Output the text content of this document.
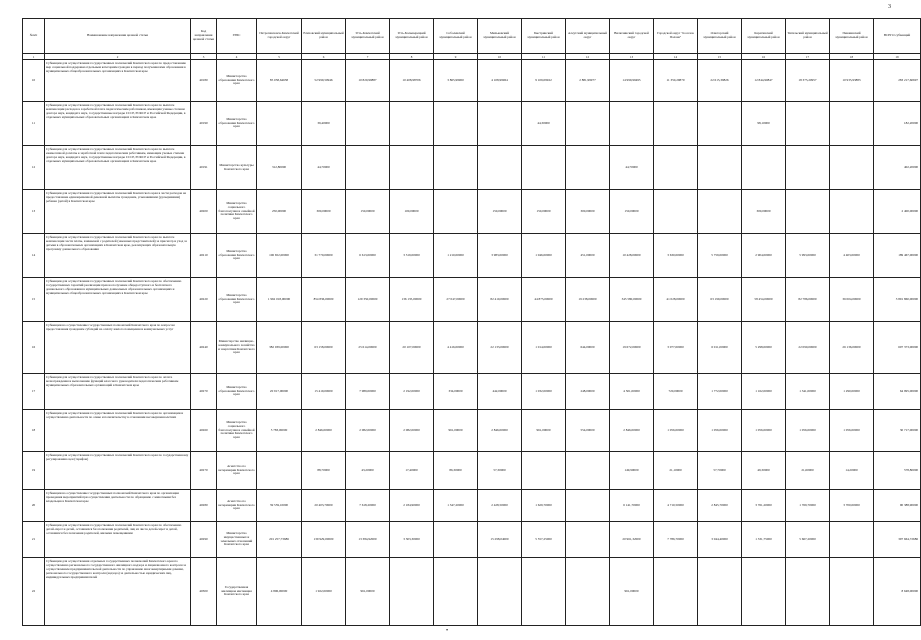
3
№п/п	Наименование направления целевой статьи	Код направления целевой статьи	ГРБС	Петропавловск-Камчатский городской округ	Елизовский муниципальный район	Усть-Камчатский муниципальный район	Усть-Большерецкий муниципальный район	Соболевский муниципальный район	Мильковский муниципальный район	Быстринский муниципальный район	Алеутский муниципальный округ	Вилючинский городской округ	Городской округ "поселок Палана"	Олюторский муниципальный район	Карагинский муниципальный район	Тигильский муниципальный район	Пенжинский муниципальный район	ВСЕГО субвенций
1	2	3	4	5	6	7	8	9	10	11	12	13	14	15	16	17	18	19
10	Субвенции для осуществления государственных полномочий Камчатского края по предоставлению мер социальной поддержки отдельным категориям граждан в период получения ими образования в муниципальных общеобразовательных организациях в Камчатском крае	40180	Министерство образования Камчатского края	85 058,64638	52 999,50946	10 820,99887	10 408,98706	3 865,99900	4 108,99964	9 109,09922	2 881,99977	14 999,99495	11 350,29870	22 615,39826	12 844,90847	18 375,20957	10 935,93883	283 217,60697
11	Субвенции для осуществления государственных полномочий Камчатского края по выплате компенсации расходов к заработной плате педагогическим работникам, имеющим ученые степени доктора наук, кандидата наук, государственные награды СССР, РСФСР и Российской Федерации, в отдельных муниципальных образовательных организациях в Камчатском крае	40190	Министерство образования Камчатского края		39,40000					44,30000					98,10000			182,20000
12	Субвенции для осуществления государственных полномочий Камчатского края по выплате ежемесячной доплаты к заработной плате педагогическим работникам, имеющим ученые степени доктора наук, кандидата наук, государственные награды СССР, РСФСР и Российской Федерации, в отдельных муниципальных образовательных организациях в Камчатском крае	40191	Министерство культуры Камчатского края	312,80000	44,70000							44,70000						402,20000
13	Субвенции для осуществления государственных полномочий Камчатского края в части расходов на предоставление единовременной денежной выплаты гражданам, усыновившим (удочерившим) ребенка (детей) в Камчатском крае	40200	Министерство социального благополучия и семейной политики Камчатского края	250,00000	300,00000	150,00000	100,00000		150,00000	150,00000	300,00000	150,00000			300,00000			2 400,00000
14	Субвенции для осуществления государственных полномочий Камчатского края по выплате компенсации части платы, взимаемой с родителей (законных представителей) за присмотр и уход за детьми в образовательных организациях в Камчатском крае, реализующих образовательную программу дошкольного образования	40210	Министерство образования Камчатского края	106 652,00000	31 770,00000	6 613,00000	3 319,00000	1 210,00000	3 983,00000	1 046,00000	451,00000	10 428,00000	3 630,00000	5 759,00000	2 904,00000	5 993,00000	4 403,00000	189 467,00000
15	Субвенции для осуществления государственных полномочий Камчатского края по обеспечению государственных гарантий реализации прав на получение общедоступного и бесплатного дошкольного образования в муниципальных дошкольных образовательных организациях и муниципальных общеобразовательных организациях в Камчатском крае	40220	Министерство образования Камчатского края	1 962 018,00000	854 836,00000	129 350,00000	136 135,00000	27 047,00000	82 410,00000	44 875,00000	19 238,00000	345 580,00000	41 028,00000	63 199,00000	58 454,00000	82 786,00000	36 004,00000	3 891 860,00000
16	Субвенции на осуществление государственных полномочий Камчатского края по вопросам предоставления гражданам субсидий на оплату жилого помещения и коммунальных услуг	40240	Министерство жилищно-коммунального хозяйства и энергетики Камчатского края	382 039,00000	63 158,00000	25 614,00000	20 107,00000	4 416,00000	22 133,00000	1 014,00000	644,00000	19 672,00000	3 077,00000	6 011,00000	5 298,00000	22 090,00000	26 136,00000	607 373,00000
17	Субвенции для осуществления государственных полномочий Камчатского края по оплате вознаграждения и выполнению функций классного руководителя педагогическим работникам муниципальных образовательных организаций в Камчатском крае	40270	Министерство образования Камчатского края	20 917,00000	15 419,00000	7 989,00000	2 192,00000	334,00000	442,00000	1 032,00000	248,00000	4 501,00000	720,00000	1 772,00000	1 162,00000	1 341,00000	1 290,00000	64 995,00000
18	Субвенции для осуществления государственных полномочий Камчатского края по организации и осуществлению деятельности по опеке и попечительству в отношении несовершеннолетних	40260	Министерство социального благополучия и семейной политики Камчатского края	5 783,00000	2 846,00000	2 082,00000	2 082,00000	961,00000	2 846,00000	961,00000	554,00000	2 846,00000	1 056,00000	1 056,00000	1 056,00000	1 056,00000	1 056,00000	30 717,00000
19	Субвенции для осуществления государственных полномочий Камчатского края по государственному регулированию цен (тарифов)	40270	Агентство по ветеринарии Камчатского края		88,70000	43,20000	17,40000	86,30000	57,30000			149,90000	21,10000	57,70000	49,30000	21,60000	14,20000	578,80000
20	Субвенции на осуществление государственных полномочий Камчатского края по организации проведения мероприятий при осуществлении деятельности по обращению с животными без владельцев в Камчатском крае	40280	Агентство по ветеринарии Камчатского края	39 559,10000	20 403,70000	7 618,20000	2 184,90000	1 347,20000	2 428,50000	1 629,70000		6 141,70000	4 710,50000	2 845,70000	3 761,20000	1 769,70000	3 700,00000	90 388,90000
21	Субвенции для осуществления государственных полномочий Камчатского края по обеспечению детей-сирот и детей, оставшихся без попечения родителей, лиц из числа детей-сирот и детей, оставшихся без попечения родителей, жилыми помещениями	40290	Министерство имущественных и земельных отношений Камчатского края	201 257,73686	139 929,00000	13 384,92000	3 303,30000		15 298,04000	5 557,25000		20 961,32000	7 786,70000	3 044,40000	1 331,75000	5 667,20000		397 664,72686
22	Субвенции для осуществления отдельных государственных полномочий Камчатского края по осуществлению регионального государственного жилищного надзора и лицензионного контроля за осуществлением предпринимательской деятельности по управлению многоквартирными домами, регионального государственного контроля (надзора) за деятельностью юридических лиц, индивидуальных предпринимателей	40300	Государственная жилищная инспекция Камчатского края	4 806,00000	1 922,00000	961,00000						961,00000						8 648,00000
•
